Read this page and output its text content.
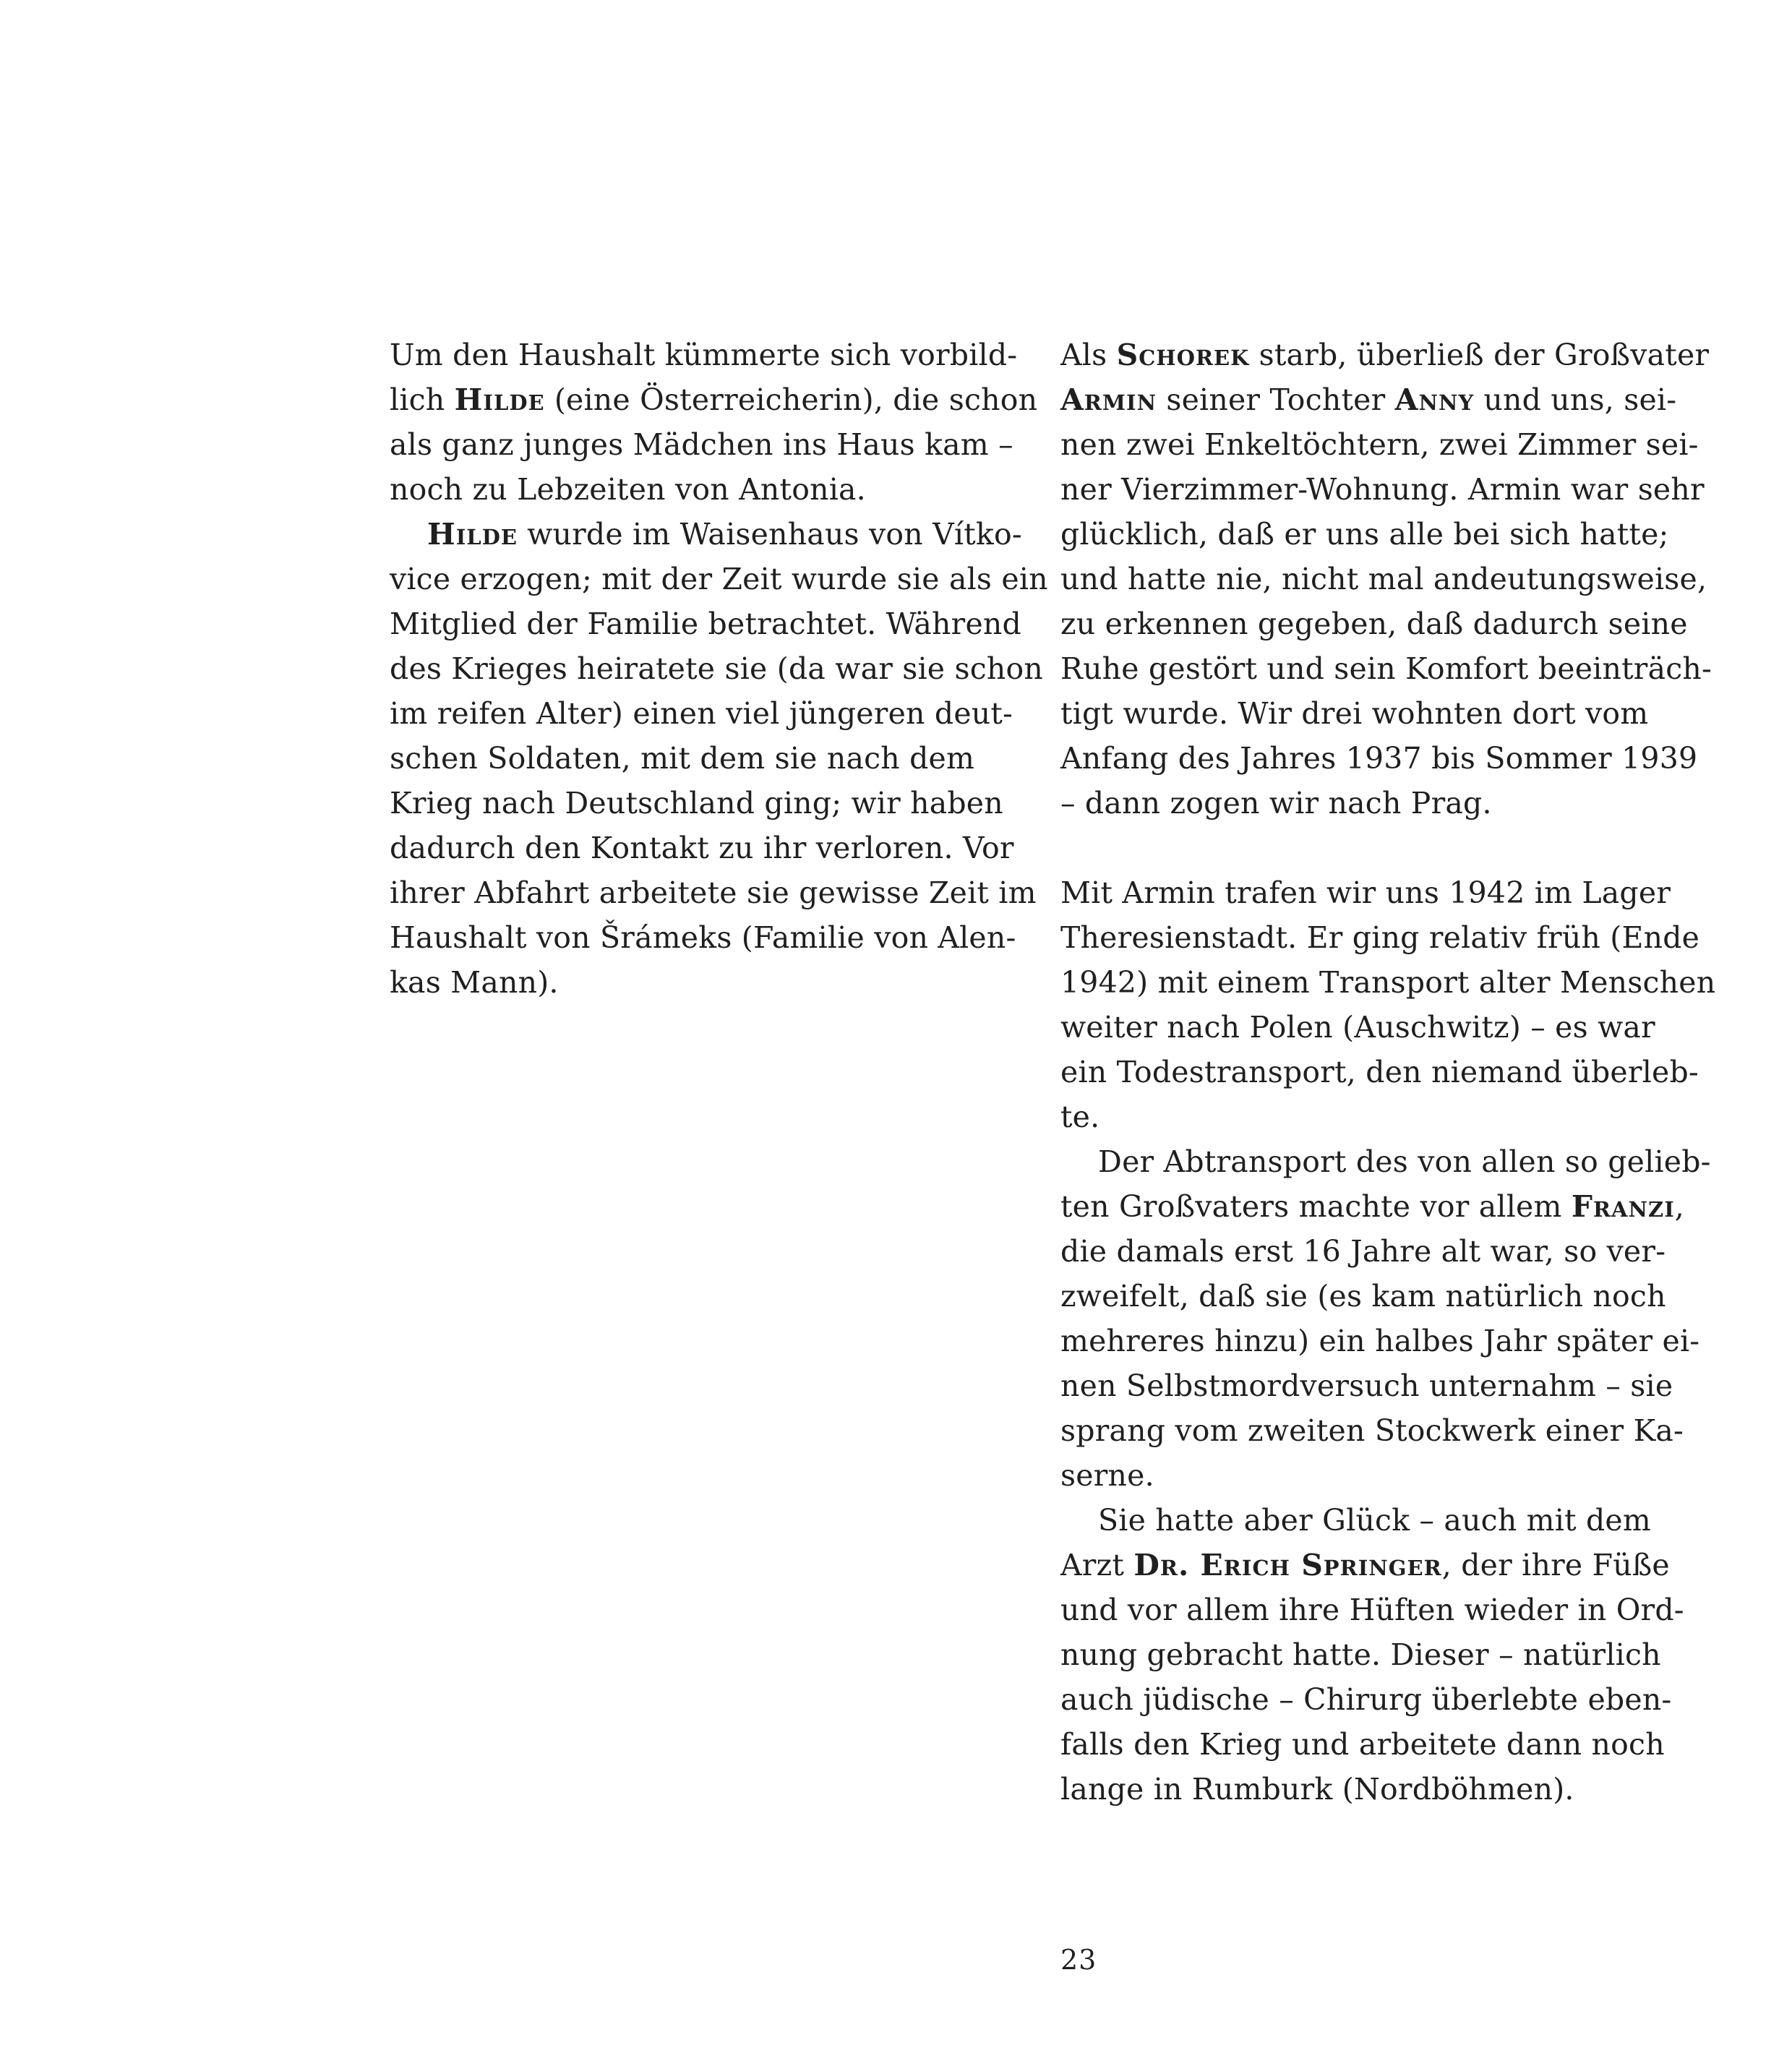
Um den Haushalt kümmerte sich vorbild-
lich Hilde (eine Österreicherin), die schon
als ganz junges Mädchen ins Haus kam –
noch zu Lebzeiten von Antonia.
Hilde wurde im Waisenhaus von Vítko-
vice erzogen; mit der Zeit wurde sie als ein
Mitglied der Familie betrachtet. Während
des Krieges heiratete sie (da war sie schon
im reifen Alter) einen viel jüngeren deut-
schen Soldaten, mit dem sie nach dem
Krieg nach Deutschland ging; wir haben
dadurch den Kontakt zu ihr verloren. Vor
ihrer Abfahrt arbeitete sie gewisse Zeit im
Haushalt von Šrámeks (Familie von Alen-
kas Mann).
Als Schorek starb, überließ der Großvater
Armin seiner Tochter Anny und uns, sei-
nen zwei Enkeltöchtern, zwei Zimmer sei-
ner Vierzimmer-Wohnung. Armin war sehr
glücklich, daß er uns alle bei sich hatte;
und hatte nie, nicht mal andeutungsweise,
zu erkennen gegeben, daß dadurch seine
Ruhe gestört und sein Komfort beeinträch-
tigt wurde. Wir drei wohnten dort vom
Anfang des Jahres 1937 bis Sommer 1939
– dann zogen wir nach Prag.
Mit Armin trafen wir uns 1942 im Lager
Theresienstadt. Er ging relativ früh (Ende
1942) mit einem Transport alter Menschen
weiter nach Polen (Auschwitz) – es war
ein Todestransport, den niemand überleb-
te.
Der Abtransport des von allen so gelieb-
ten Großvaters machte vor allem Franzi,
die damals erst 16 Jahre alt war, so ver-
zweifelt, daß sie (es kam natürlich noch
mehreres hinzu) ein halbes Jahr später ei-
nen Selbstmordversuch unternahm – sie
sprang vom zweiten Stockwerk einer Ka-
serne.
Sie hatte aber Glück – auch mit dem
Arzt Dr. Erich Springer, der ihre Füße
und vor allem ihre Hüften wieder in Ord-
nung gebracht hatte. Dieser – natürlich
auch jüdische – Chirurg überlebte eben-
falls den Krieg und arbeitete dann noch
lange in Rumburk (Nordböhmen).
23
